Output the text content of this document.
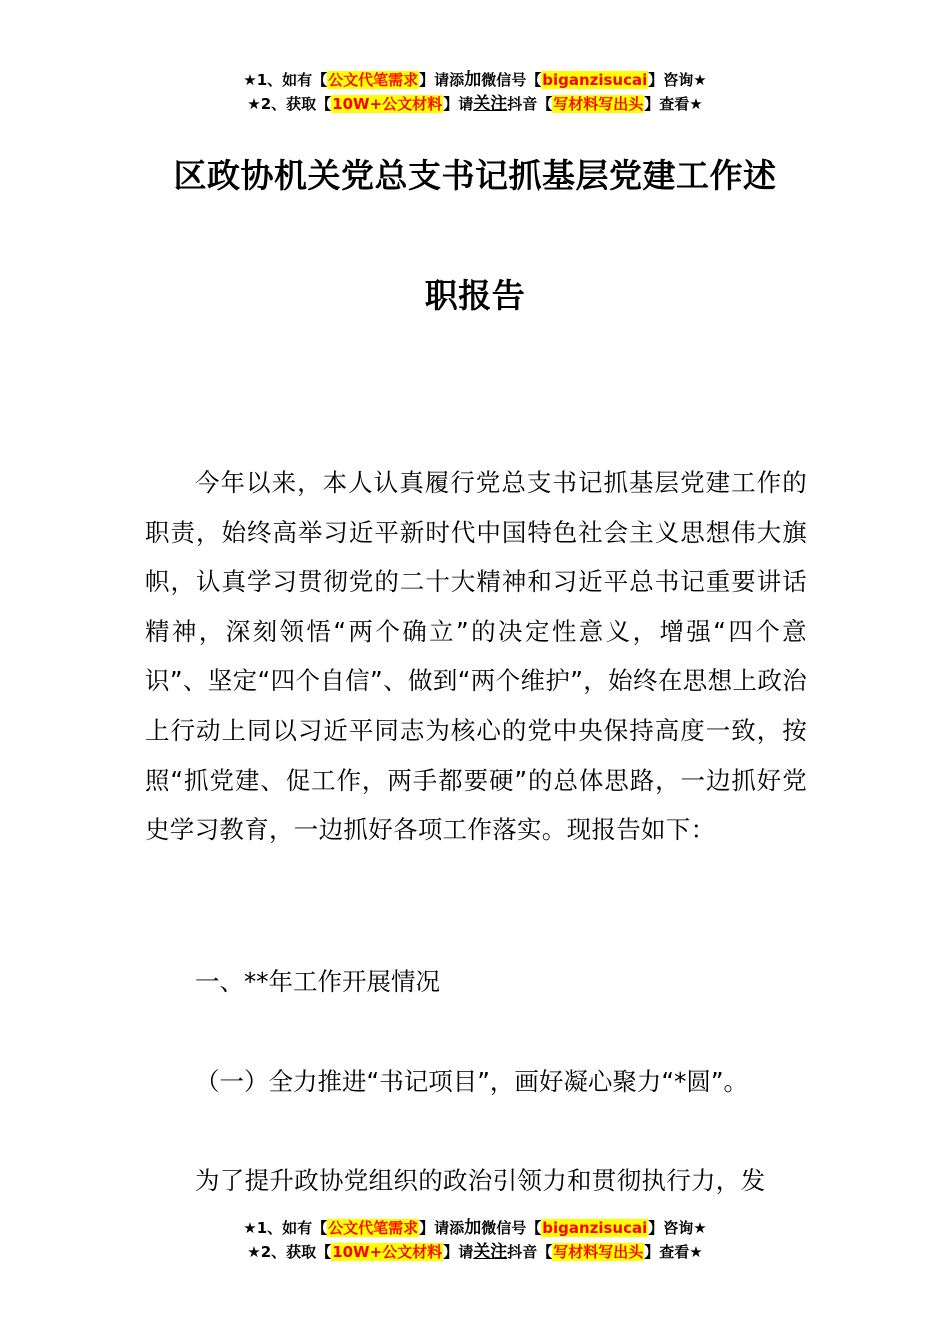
★1、如有【公文代笔需求】请添加微信号【biganzisucai】咨询★
★2、获取【10W+公文材料】请关注抖音【写材料写出头】查看★
区政协机关党总支书记抓基层党建工作述
职报告
今年以来，本人认真履行党总支书记抓基层党建工作的职责，始终高举习近平新时代中国特色社会主义思想伟大旗帜，认真学习贯彻党的二十大精神和习近平总书记重要讲话精神，深刻领悟“两个确立”的决定性意义，增强“四个意识”、坚定“四个自信”、做到“两个维护”，始终在思想上政治上行动上同以习近平同志为核心的党中央保持高度一致，按照“抓党建、促工作，两手都要硬”的总体思路，一边抓好党史学习教育，一边抓好各项工作落实。现报告如下：
一、**年工作开展情况
（一）全力推进“书记项目”，画好凝心聚力“*圆”。
为了提升政协党组织的政治引领力和贯彻执行力，发
★1、如有【公文代笔需求】请添加微信号【biganzisucai】咨询★
★2、获取【10W+公文材料】请关注抖音【写材料写出头】查看★
